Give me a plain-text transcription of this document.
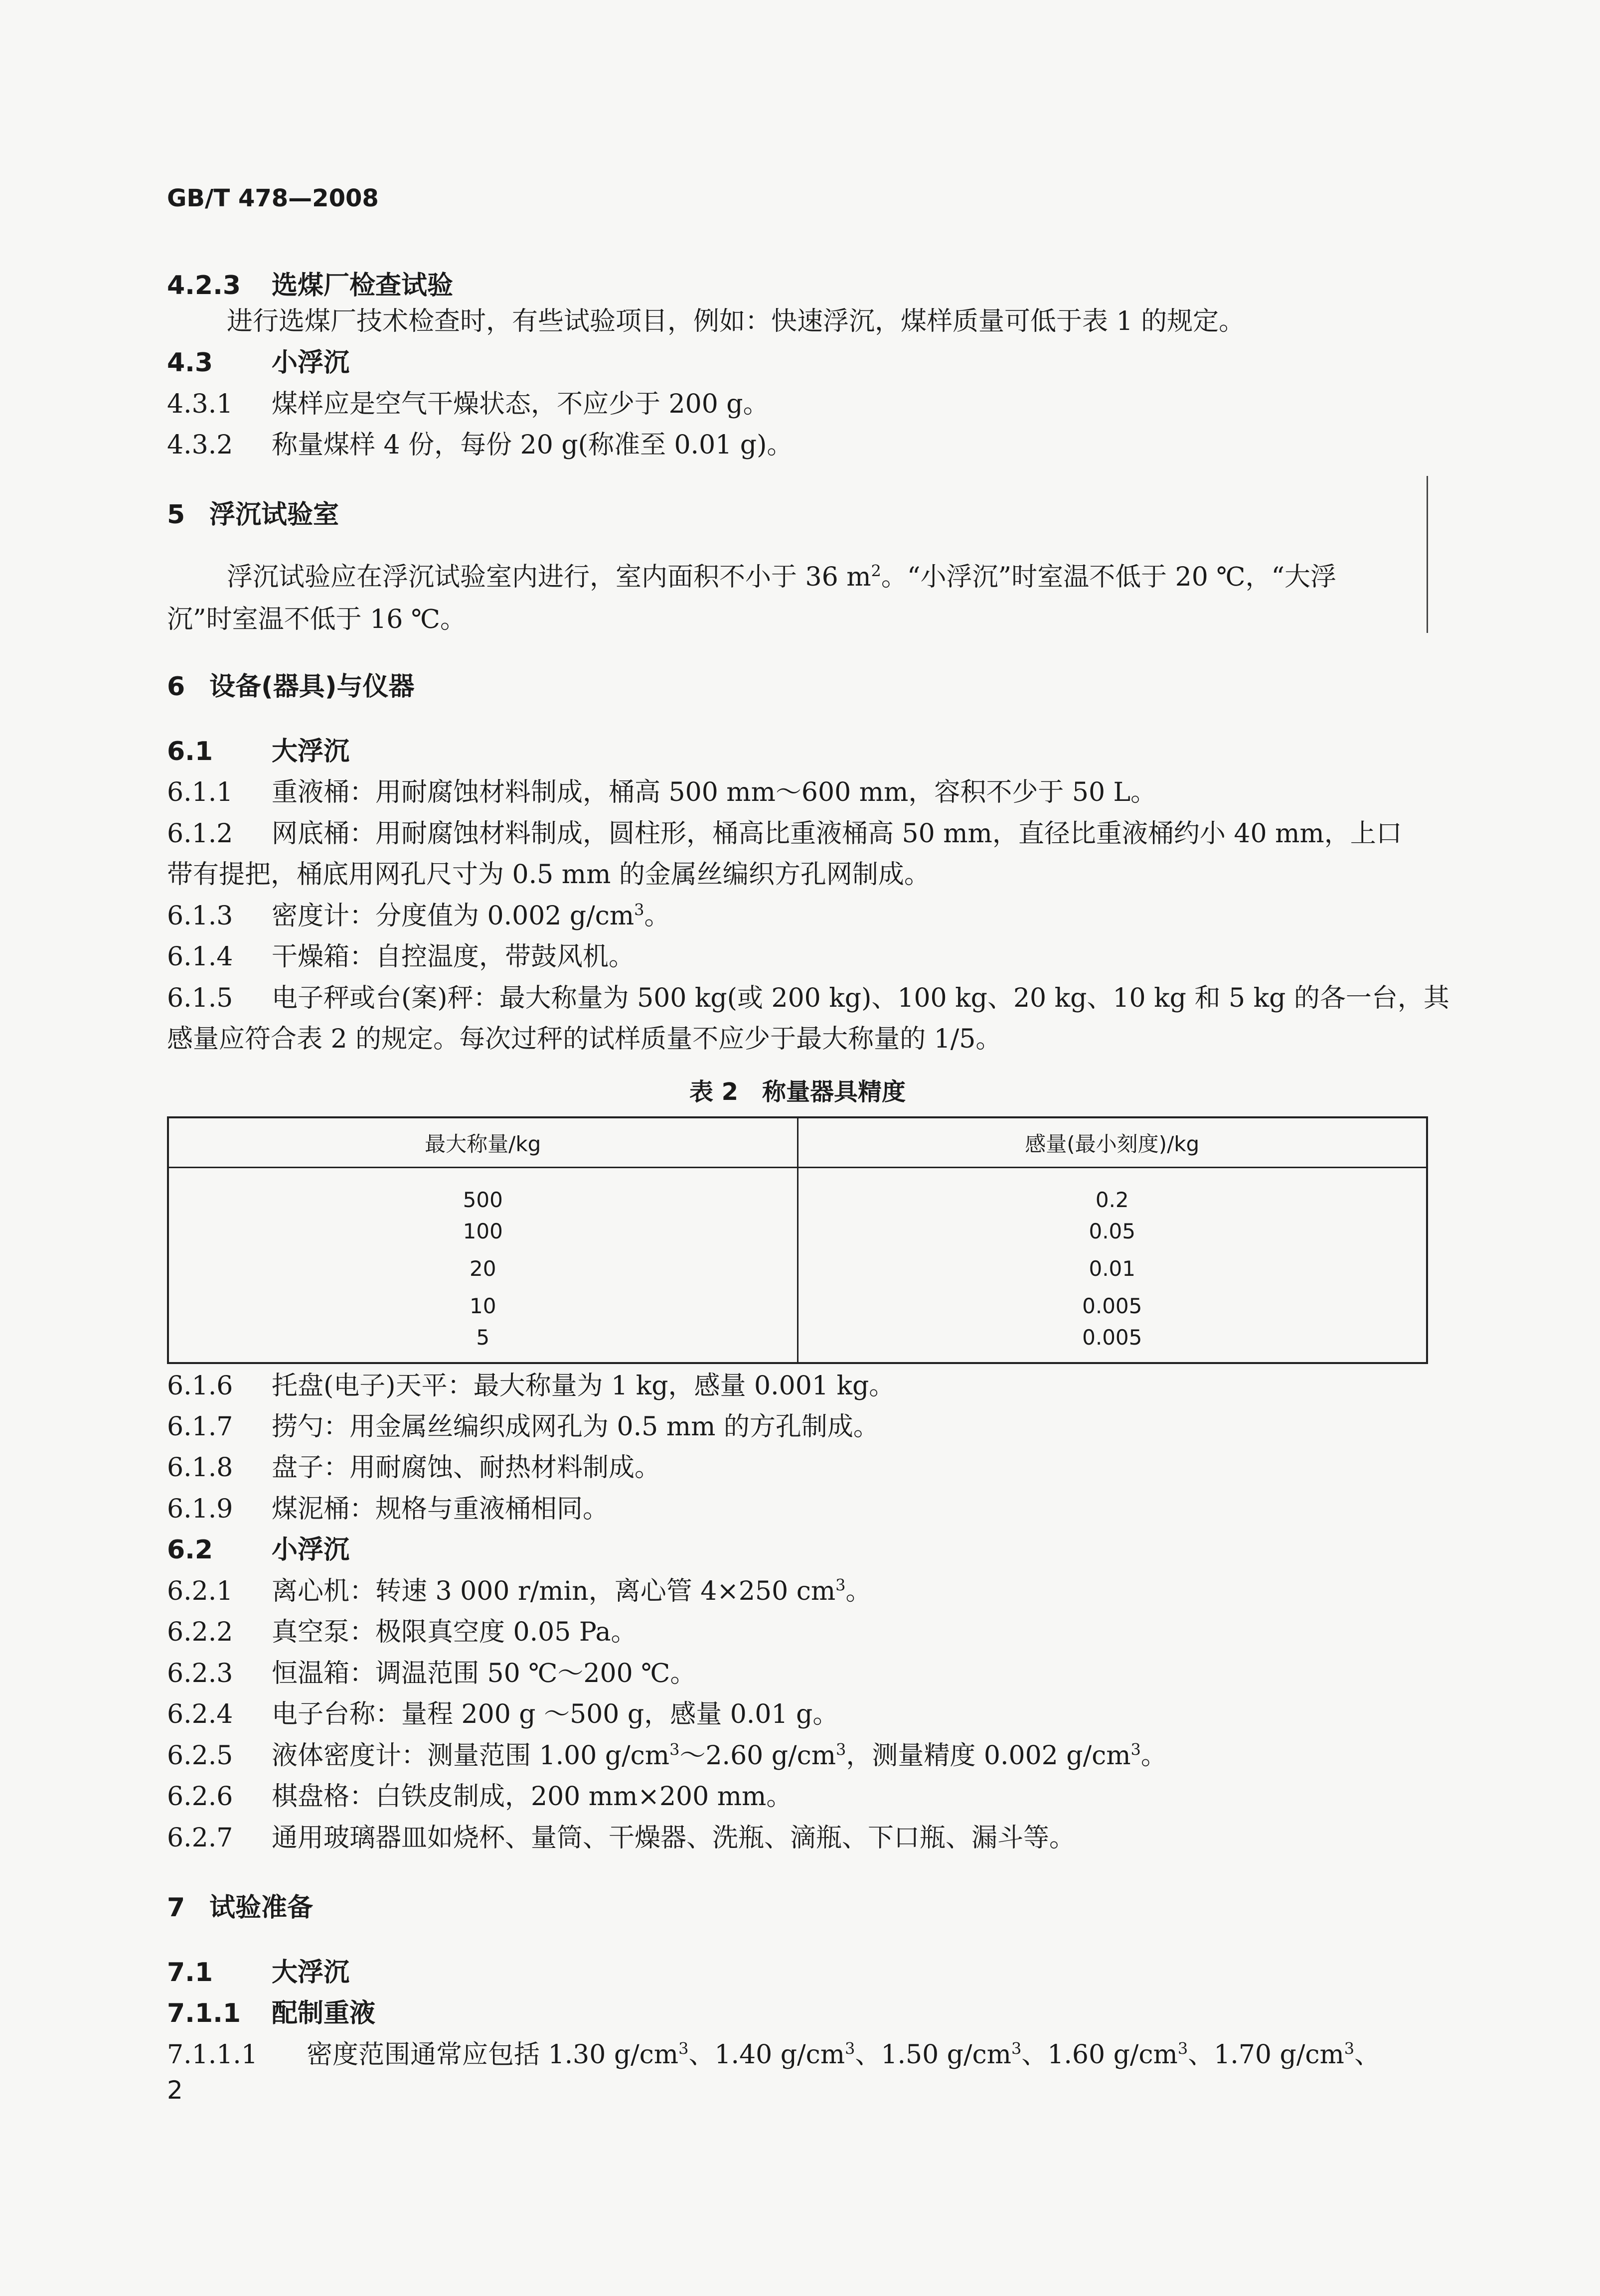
GB/T 478—2008
4.2.3 选煤厂检查试验
进行选煤厂技术检查时，有些试验项目，例如：快速浮沉，煤样质量可低于表 1 的规定。
4.3 小浮沉
4.3.1 煤样应是空气干燥状态，不应少于 200 g。
4.3.2 称量煤样 4 份，每份 20 g(称准至 0.01 g)。
5 浮沉试验室
浮沉试验应在浮沉试验室内进行，室内面积不小于 36 $m^2$。“小浮沉”时室温不低于 20 ℃，“大浮
沉”时室温不低于 16 ℃。
6 设备(器具)与仪器
6.1 大浮沉
6.1.1 重液桶：用耐腐蚀材料制成，桶高 500 mm～600 mm，容积不少于 50 L。
6.1.2 网底桶：用耐腐蚀材料制成，圆柱形，桶高比重液桶高 50 mm，直径比重液桶约小 40 mm，上口
带有提把，桶底用网孔尺寸为 0.5 mm 的金属丝编织方孔网制成。
6.1.3 密度计：分度值为 0.002 $g/cm^3$。
6.1.4 干燥箱：自控温度，带鼓风机。
6.1.5 电子秤或台(案)秤：最大称量为 500 kg(或 200 kg)、100 kg、20 kg、10 kg 和 5 kg 的各一台，其
感量应符合表 2 的规定。每次过秤的试样质量不应少于最大称量的 1/5。
表 2　称量器具精度
最大称量/kg	感量(最小刻度)/kg
500	0.2
100	0.05
20	0.01
10	0.005
5	0.005
6.1.6 托盘(电子)天平：最大称量为 1 kg，感量 0.001 kg。
6.1.7 捞勺：用金属丝编织成网孔为 0.5 mm 的方孔制成。
6.1.8 盘子：用耐腐蚀、耐热材料制成。
6.1.9 煤泥桶：规格与重液桶相同。
6.2 小浮沉
6.2.1 离心机：转速 3 000 r/min，离心管 4×250 $cm^3$。
6.2.2 真空泵：极限真空度 0.05 Pa。
6.2.3 恒温箱：调温范围 50 ℃～200 ℃。
6.2.4 电子台称：量程 200 g ～500 g，感量 0.01 g。
6.2.5 液体密度计：测量范围 1.00 $g/cm^3\sim 2.60$ $g/cm^3$，测量精度 0.002 $g/cm^3$。
6.2.6 棋盘格：白铁皮制成，200 mm×200 mm。
6.2.7 通用玻璃器皿如烧杯、量筒、干燥器、洗瓶、滴瓶、下口瓶、漏斗等。
7 试验准备
7.1 大浮沉
7.1.1 配制重液
7.1.1.1 密度范围通常应包括 1.30 $g/cm^3$、1.40 $g/cm^3$、1.50 $g/cm^3$、1.60 $g/cm^3$、1.70 $g/cm^3$、
2
